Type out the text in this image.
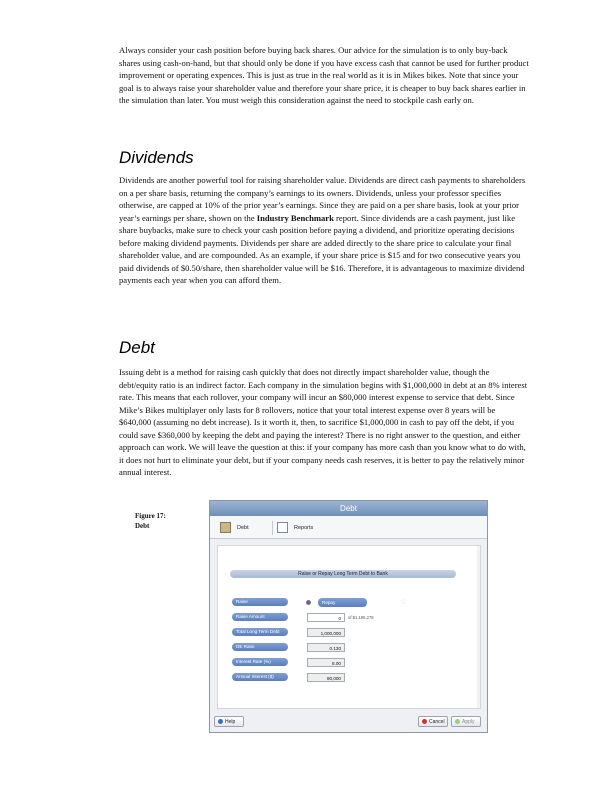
Always consider your cash position before buying back shares. Our advice for the simulation is to only buy-back shares using cash-on-hand, but that should only be done if you have excess cash that cannot be used for further product improvement or operating expences. This is just as true in the real world as it is in Mikes bikes. Note that since your goal is to always raise your shareholder value and therefore your share price, it is cheaper to buy back shares earlier in the simulation than later. You must weigh this consideration against the need to stockpile cash early on.

Dividends

Dividends are another powerful tool for raising shareholder value. Dividends are direct cash payments to shareholders on a per share basis, returning the company’s earnings to its owners. Dividends, unless your professor specifies otherwise, are capped at 10% of the prior year’s earnings. Since they are paid on a per share basis, look at your prior year’s earnings per share, shown on the Industry Benchmark report. Since dividends are a cash payment, just like share buybacks, make sure to check your cash position before paying a dividend, and prioritize operating decisions before making dividend payments. Dividends per share are added directly to the share price to calculate your final shareholder value, and are compounded. As an example, if your share price is $15 and for two consecutive years you paid dividends of $0.50/share, then shareholder value will be $16. Therefore, it is advantageous to maximize dividend payments each year when you can afford them.

Debt

Issuing debt is a method for raising cash quickly that does not directly impact shareholder value, though the debt/equity ratio is an indirect factor. Each company in the simulation begins with $1,000,000 in debt at an 8% interest rate. This means that each rollover, your company will incur an $80,000 interest expense to service that debt. Since Mike’s Bikes multiplayer only lasts for 8 rollovers, notice that your total interest expense over 8 years will be $640,000 (assuming no debt increase). Is it worth it, then, to sacrifice $1,000,000 in cash to pay off the debt, if you could save $360,000 by keeping the debt and paying the interest? There is no right answer to the question, and either approach can work. We will leave the question at this: if your company has more cash than you know what to do with, it does not hurt to eliminate your debt, but if your company needs cash reserves, it is better to pay the relatively minor annual interest.

Figure 17:
Debt
Debt
Debt	Reports
Raise or Repay Long Term Debt to Bank
Raise	Repay
Raise Amount	0	of $1,195,278
♡
Total Long Term Debt	1,000,000
DE Ratio	0.130
Interest Rate (%)	8.00
Annual Interest ($)	80,000
Help	Cancel	Apply
